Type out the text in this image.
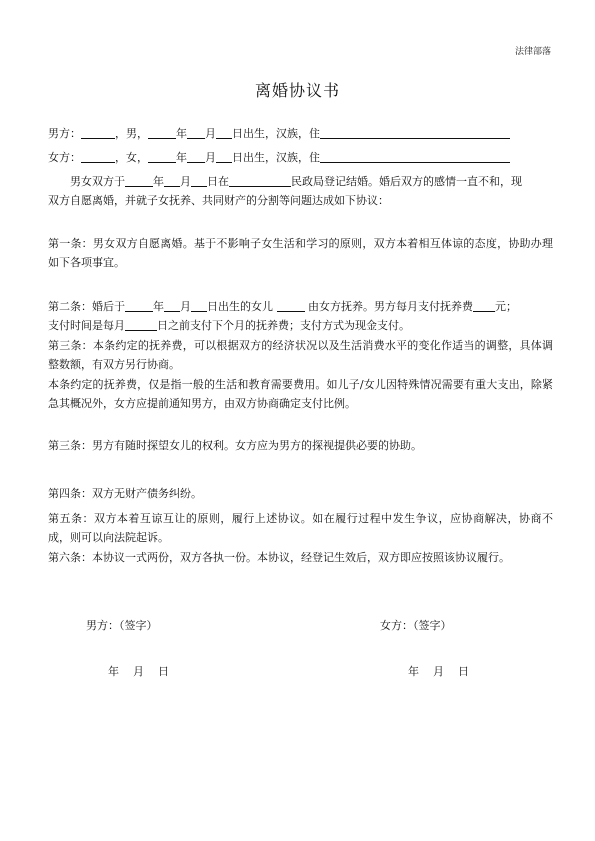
法律部落
离婚协议书
男方：	，男，	年 月 日出生，汉族，住
女方：	，女，	年 月 日出生，汉族，住
男女双方于	年 月 日在	民政局登记结婚。婚后双方的感情一直不和，现
双方自愿离婚，并就子女抚养、共同财产的分割等问题达成如下协议：
第一条：男女双方自愿离婚。基于不影响子女生活和学习的原则，双方本着相互体谅的态度，协助办理如下各项事宜。
第二条：婚后于	年 月 日出生的女儿	由女方抚养。男方每月支付抚养费 元；
支付时间是每月	日之前支付下个月的抚养费；支付方式为现金支付。
第三条：本条约定的抚养费，可以根据双方的经济状况以及生活消费水平的变化作适当的调整，具体调整数额，有双方另行协商。
本条约定的抚养费，仅是指一般的生活和教育需要费用。如儿子/女儿因特殊情况需要有重大支出，除紧急其概况外，女方应提前通知男方，由双方协商确定支付比例。
第三条：男方有随时探望女儿的权利。女方应为男方的探视提供必要的协助。
第四条：双方无财产债务纠纷。
第五条：双方本着互谅互让的原则，履行上述协议。如在履行过程中发生争议，应协商解决，协商不成，则可以向法院起诉。
第六条：本协议一式两份，双方各执一份。本协议，经登记生效后，双方即应按照该协议履行。
男方：（签字）	女方：（签字）
年    月    日	年    月    日
